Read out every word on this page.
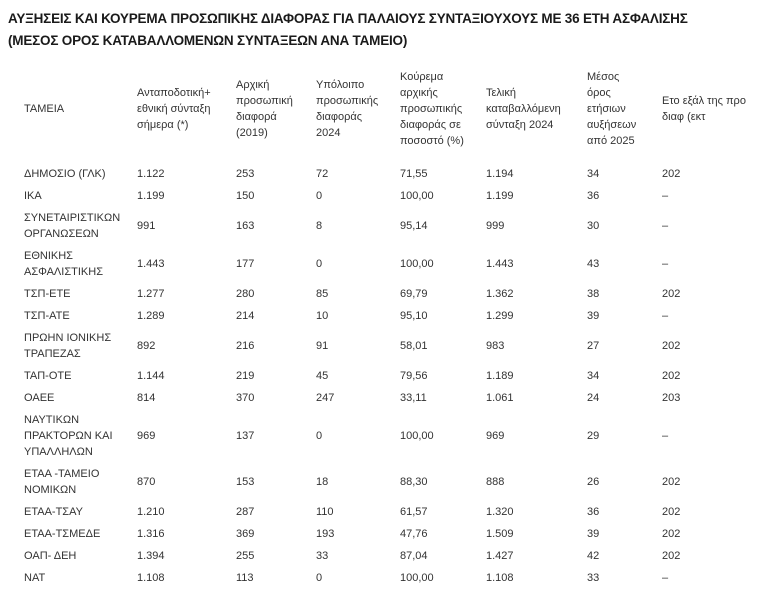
ΑΥΞΗΣΕΙΣ ΚΑΙ ΚΟΥΡΕΜΑ ΠΡΟΣΩΠΙΚΗΣ ΔΙΑΦΟΡΑΣ ΓΙΑ ΠΑΛΑΙΟΥΣ ΣΥΝΤΑΞΙΟΥΧΟΥΣ ΜΕ 36 ΕΤΗ ΑΣΦΑΛΙΣΗΣ
(ΜΕΣΟΣ ΟΡΟΣ ΚΑΤΑΒΑΛΛΟΜΕΝΩΝ ΣΥΝΤΑΞΕΩΝ ΑΝΑ ΤΑΜΕΙΟ)
ΤΑΜΕΙΑ	Ανταποδοτική+ εθνική σύνταξη σήμερα (*)	Αρχική προσωπική διαφορά (2019)	Υπόλοιπο προσωπικής διαφοράς 2024	Κούρεμα αρχικής προσωπικής διαφοράς σε ποσοστό (%)	Τελική καταβαλλόμενη σύνταξη 2024	Μέσος όρος ετήσιων αυξήσεων από 2025	Ετο εξάλ της προ διαφ (εκτ
ΔΗΜΟΣΙΟ (ΓΛΚ)	1.122	253	72	71,55	1.194	34	202
ΙΚΑ	1.199	150	0	100,00	1.199	36	–
ΣΥΝΕΤΑΙΡΙΣΤΙΚΩΝ ΟΡΓΑΝΩΣΕΩΝ	991	163	8	95,14	999	30	–
ΕΘΝΙΚΗΣ ΑΣΦΑΛΙΣΤΙΚΗΣ	1.443	177	0	100,00	1.443	43	–
ΤΣΠ-ΕΤΕ	1.277	280	85	69,79	1.362	38	202
ΤΣΠ-ΑΤΕ	1.289	214	10	95,10	1.299	39	–
ΠΡΩΗΝ ΙΟΝΙΚΗΣ ΤΡΑΠΕΖΑΣ	892	216	91	58,01	983	27	202
ΤΑΠ-ΟΤΕ	1.144	219	45	79,56	1.189	34	202
ΟΑΕΕ	814	370	247	33,11	1.061	24	203
ΝΑΥΤΙΚΩΝ ΠΡΑΚΤΟΡΩΝ ΚΑΙ ΥΠΑΛΛΗΛΩΝ	969	137	0	100,00	969	29	–
ΕΤΑΑ -ΤΑΜΕΙΟ ΝΟΜΙΚΩΝ	870	153	18	88,30	888	26	202
ΕΤΑΑ-ΤΣΑΥ	1.210	287	110	61,57	1.320	36	202
ΕΤΑΑ-ΤΣΜΕΔΕ	1.316	369	193	47,76	1.509	39	202
ΟΑΠ- ΔΕΗ	1.394	255	33	87,04	1.427	42	202
ΝΑΤ	1.108	113	0	100,00	1.108	33	–
